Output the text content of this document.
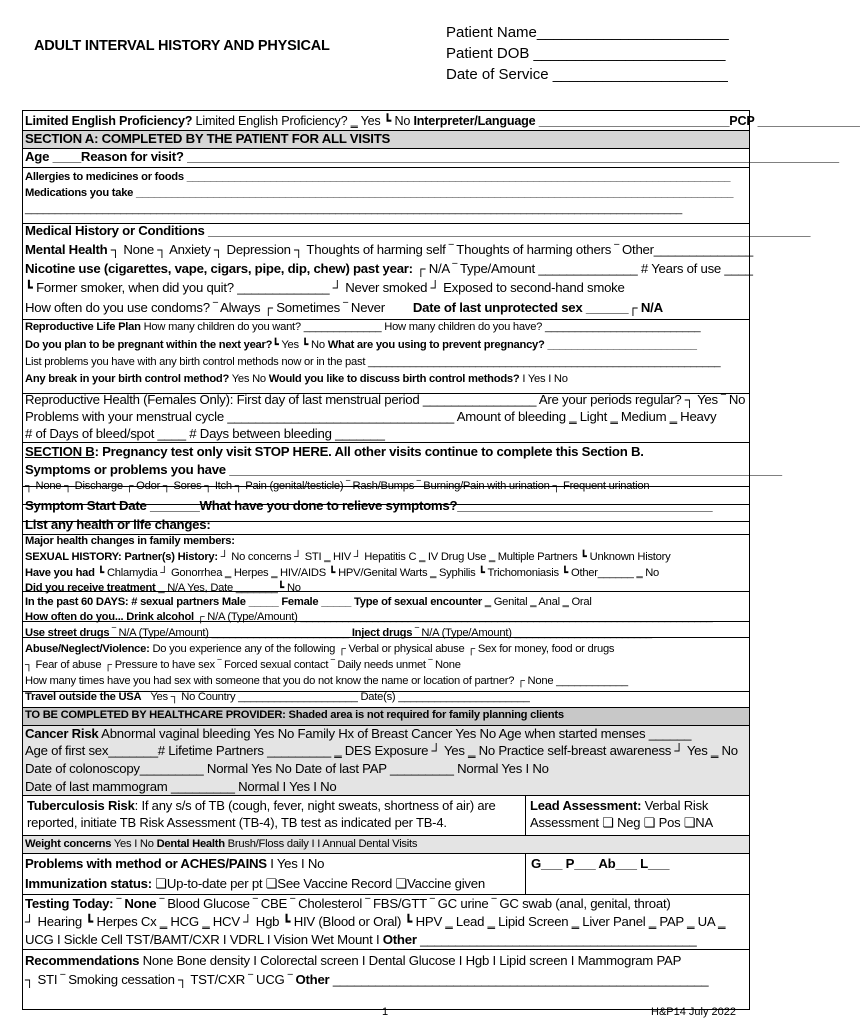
ADULT INTERVAL HISTORY AND PHYSICAL
Patient Name_______________________
Patient DOB _______________________
Date of Service _____________________
Limited English Proficiency? Limited English Proficiency? ‗ Yes ┗ No Interpreter/Language ____________________________PCP _______________
SECTION A: COMPLETED BY THE PATIENT FOR ALL VISITS
Age ____Reason for visit? ____________________________________________________________________________________________
Allergies to medicines or foods ___________________________________________________________________________________________
Medications you take ____________________________________________________________________________________________________
______________________________________________________________________________________________________________
Medical History or Conditions _____________________________________________________________________________________
Mental Health ┐ None ┐ Anxiety ┐ Depression ┐ Thoughts of harming self ‾ Thoughts of harming others ‾ Other______________
Nicotine use (cigarettes, vape, cigars, pipe, dip, chew) past year: ┌ N/A ‾ Type/Amount ______________ # Years of use ____
┗ Former smoker, when did you quit? _____________ ┘ Never smoked ┘ Exposed to second-hand smoke
How often do you use condoms? ‾ Always ┌ Sometimes ‾ Never Date of last unprotected sex ______┌ N/A
Reproductive Life Plan How many children do you want? _____________ How many children do you have? __________________________
Do you plan to be pregnant within the next year?┗ Yes ┗ No What are you using to prevent pregnancy? _________________________
List problems you have with any birth control methods now or in the past ___________________________________________________________
Any break in your birth control method? Yes No Would you like to discuss birth control methods? I Yes I No
Reproductive Health (Females Only): First day of last menstrual period ________________ Are your periods regular? ┐ Yes ‾ No
Problems with your menstrual cycle ________________________________ Amount of bleeding ‗ Light ‗ Medium ‗ Heavy
# of Days of bleed/spot ____ # Days between bleeding _______
SECTION B: Pregnancy test only visit STOP HERE. All other visits continue to complete this Section B.
Symptoms or problems you have ______________________________________________________________________________
┐ None ┐ Discharge ┌ Odor ┐ Sores ┐ Itch ┐ Pain (genital/testicle) ‾ Rash/Bumps ‾ Burning/Pain with urination ┐ Frequent urination
Symptom Start Date _______What have you done to relieve symptoms?____________________________________
List any health or life changes:
Major health changes in family members:
SEXUAL HISTORY: Partner(s) History: ┘ No concerns ┘ STI ‗ HIV ┘ Hepatitis C ‗ IV Drug Use ‗ Multiple Partners ┗ Unknown History
Have you had ┗ Chlamydia ┘ Gonorrhea ‗ Herpes ‗ HIV/AIDS ┗ HPV/Genital Warts ‗ Syphilis ┗ Trichomoniasis ┗ Other______ ‗ No
Did you receive treatment ‗ N/A Yes, Date _______┗ No
In the past 60 DAYS: # sexual partners Male _____ Female _____ Type of sexual encounter ‗ Genital ‗ Anal ‗ Oral
How often do you... Drink alcohol ┌ N/A (Type/Amount) _____________________________________________________________________
Use street drugs ‾ N/A (Type/Amount) _______________________ Inject drugs ‾ N/A (Type/Amount) _______________________
Abuse/Neglect/Violence: Do you experience any of the following ┌ Verbal or physical abuse ┌ Sex for money, food or drugs
┐ Fear of abuse ┌ Pressure to have sex ‾ Forced sexual contact ‾ Daily needs unmet ‾ None
How many times have you had sex with someone that you do not know the name or location of partner? ┌ None ____________
Travel outside the USA ‾ Yes ┐ No Country ____________________ Date(s) ______________________
TO BE COMPLETED BY HEALTHCARE PROVIDER: Shaded area is not required for family planning clients
Cancer Risk Abnormal vaginal bleeding Yes No Family Hx of Breast Cancer Yes No Age when started menses ______
Age of first sex_______# Lifetime Partners _________ ‗ DES Exposure ┘ Yes ‗ No Practice self-breast awareness ┘ Yes ‗ No
Date of colonoscopy_________ Normal Yes No Date of last PAP _________ Normal Yes I No
Date of last mammogram _________ Normal I Yes I No
Tuberculosis Risk: If any s/s of TB (cough, fever, night sweats, shortness of air) are reported, initiate TB Risk Assessment (TB-4), TB test as indicated per TB-4.
Lead Assessment: Verbal Risk Assessment ❏ Neg ❏ Pos ❏NA
Weight concerns Yes I No Dental Health Brush/Floss daily I I Annual Dental Visits
Problems with method or ACHES/PAINS I Yes I No	G___ P___ Ab___ L___
Immunization status: ❏Up-to-date per pt ❏See Vaccine Record ❏Vaccine given
Testing Today: ‾ None ‾ Blood Glucose ‾ CBE ‾ Cholesterol ‾ FBS/GTT ‾ GC urine ‾ GC swab (anal, genital, throat)
┘ Hearing ┗ Herpes Cx ‗ HCG ‗ HCV ┘ Hgb ┗ HIV (Blood or Oral) ┗ HPV ‗ Lead ‗ Lipid Screen ‗ Liver Panel ‗ PAP ‗ UA ‗
UCG I Sickle Cell TST/BAMT/CXR I VDRL I Vision Wet Mount I Other _______________________________________
Recommendations None Bone density I Colorectal screen I Dental Glucose I Hgb I Lipid screen I Mammogram PAP
┐ STI ‾ Smoking cessation ┐ TST/CXR ‾ UCG ‾ Other _____________________________________________________
1	H&P14 July 2022
